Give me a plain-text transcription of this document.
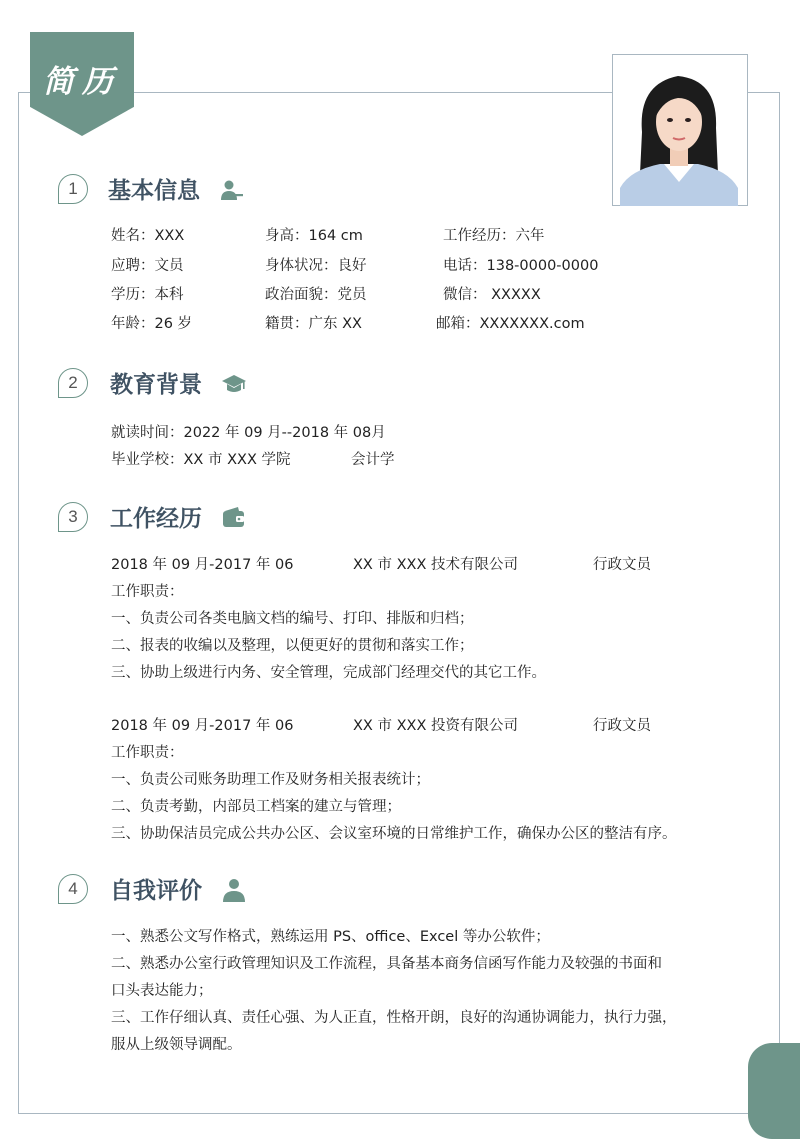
简历
1	基本信息
姓名：XXX	身高：164 cm	工作经历：六年
应聘：文员	身体状况：良好	电话：138-0000-0000
学历：本科	政治面貌：党员	微信： XXXXX
年龄：26 岁	籍贯：广东 XX	邮箱：XXXXXXX.com
2	教育背景
就读时间：2022 年 09 月--2018 年 08月
毕业学校：XX 市 XXX 学院	会计学
3	工作经历
2018 年 09 月-2017 年 06	XX 市 XXX 技术有限公司	行政文员
工作职责：
一、负责公司各类电脑文档的编号、打印、排版和归档；
二、报表的收编以及整理，以便更好的贯彻和落实工作；
三、协助上级进行内务、安全管理，完成部门经理交代的其它工作。
2018 年 09 月-2017 年 06	XX 市 XXX 投资有限公司	行政文员
工作职责：
一、负责公司账务助理工作及财务相关报表统计；
二、负责考勤，内部员工档案的建立与管理；
三、协助保洁员完成公共办公区、会议室环境的日常维护工作，确保办公区的整洁有序。
4	自我评价
一、熟悉公文写作格式，熟练运用 PS、office、Excel 等办公软件；
二、熟悉办公室行政管理知识及工作流程，具备基本商务信函写作能力及较强的书面和
口头表达能力；
三、工作仔细认真、责任心强、为人正直，性格开朗，良好的沟通协调能力，执行力强，
服从上级领导调配。
